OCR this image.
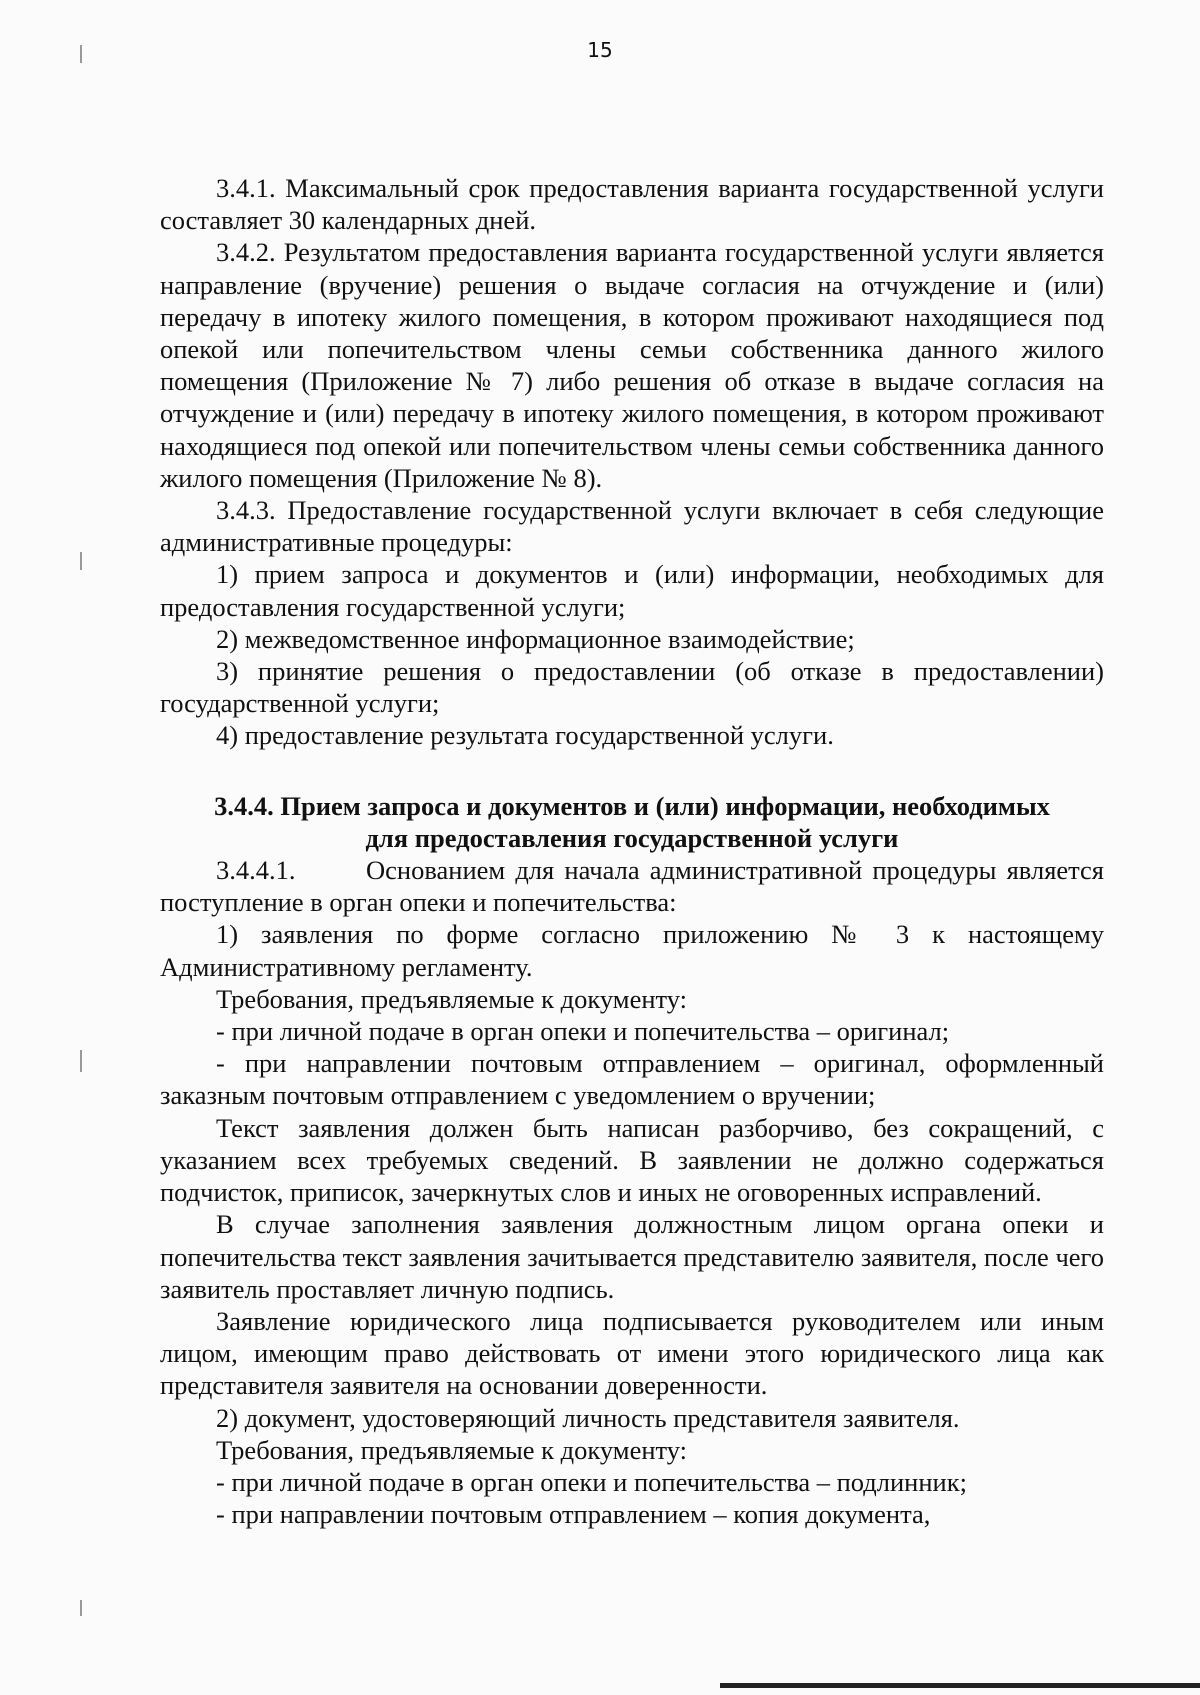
15

3.4.1. Максимальный срок предоставления варианта государственной услуги составляет 30 календарных дней.

3.4.2. Результатом предоставления варианта государственной услуги является направление (вручение) решения о выдаче согласия на отчуждение и (или) передачу в ипотеку жилого помещения, в котором проживают находящиеся под опекой или попечительством члены семьи собственника данного жилого помещения (Приложение № 7) либо решения об отказе в выдаче согласия на отчуждение и (или) передачу в ипотеку жилого помещения, в котором проживают находящиеся под опекой или попечительством члены семьи собственника данного жилого помещения (Приложение № 8).

3.4.3. Предоставление государственной услуги включает в себя следующие административные процедуры:

1) прием запроса и документов и (или) информации, необходимых для предоставления государственной услуги;

2) межведомственное информационное взаимодействие;

3) принятие решения о предоставлении (об отказе в предоставлении) государственной услуги;

4) предоставление результата государственной услуги.

3.4.4. Прием запроса и документов и (или) информации, необходимых для предоставления государственной услуги

3.4.4.1.	Основанием для начала административной процедуры является поступление в орган опеки и попечительства:

1) заявления по форме согласно приложению № 3 к настоящему Административному регламенту.

Требования, предъявляемые к документу:

- при личной подаче в орган опеки и попечительства – оригинал;

- при направлении почтовым отправлением – оригинал, оформленный заказным почтовым отправлением с уведомлением о вручении;

Текст заявления должен быть написан разборчиво, без сокращений, с указанием всех требуемых сведений. В заявлении не должно содержаться подчисток, приписок, зачеркнутых слов и иных не оговоренных исправлений.

В случае заполнения заявления должностным лицом органа опеки и попечительства текст заявления зачитывается представителю заявителя, после чего заявитель проставляет личную подпись.

Заявление юридического лица подписывается руководителем или иным лицом, имеющим право действовать от имени этого юридического лица как представителя заявителя на основании доверенности.

2) документ, удостоверяющий личность представителя заявителя.

Требования, предъявляемые к документу:

- при личной подаче в орган опеки и попечительства – подлинник;

- при направлении почтовым отправлением – копия документа,
